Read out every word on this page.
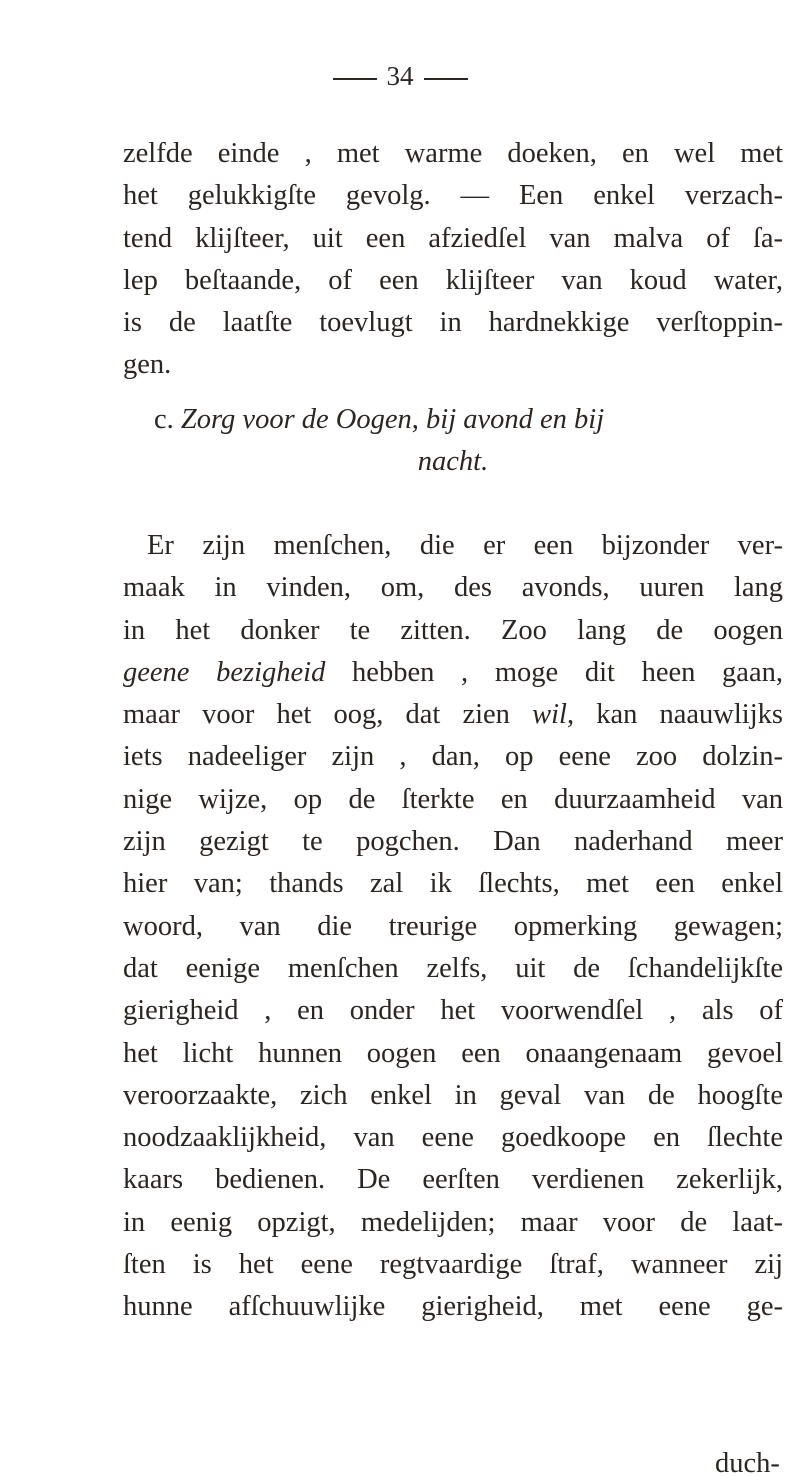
34
zelfde einde , met warme doeken, en wel met
het gelukkigſte gevolg. — Een enkel verzach-
tend klijſteer, uit een afziedſel van malva of ſa-
lep beſtaande, of een klijſteer van koud water,
is de laatſte toevlugt in hardnekkige verſtoppin-
gen.
c. Zorg voor de Oogen, bij avond en bij
nacht.
Er zijn menſchen, die er een bijzonder ver-
maak in vinden, om, des avonds, uuren lang
in het donker te zitten. Zoo lang de oogen
geene bezigheid hebben , moge dit heen gaan,
maar voor het oog, dat zien wil, kan naauwlijks
iets nadeeliger zijn , dan, op eene zoo dolzin-
nige wijze, op de ſterkte en duurzaamheid van
zijn gezigt te pogchen. Dan naderhand meer
hier van; thands zal ik ſlechts, met een enkel
woord, van die treurige opmerking gewagen;
dat eenige menſchen zelfs, uit de ſchandelijkſte
gierigheid , en onder het voorwendſel , als of
het licht hunnen oogen een onaangenaam gevoel
veroorzaakte, zich enkel in geval van de hoogſte
noodzaaklijkheid, van eene goedkoope en ſlechte
kaars bedienen. De eerſten verdienen zekerlijk,
in eenig opzigt, medelijden; maar voor de laat-
ſten is het eene regtvaardige ſtraf, wanneer zij
hunne afſchuuwlijke gierigheid, met eene ge-
duch-
